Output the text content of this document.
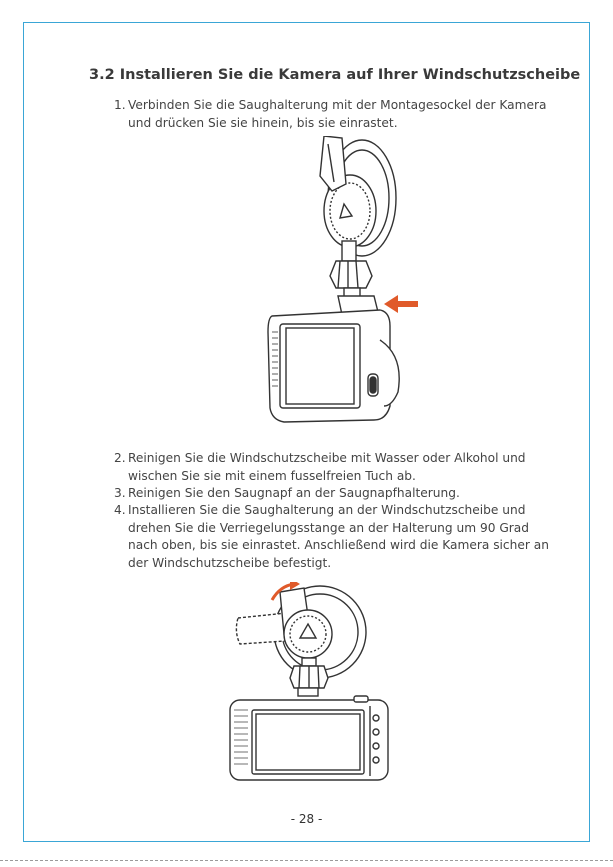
3.2 Installieren Sie die Kamera auf Ihrer Windschutzscheibe
1. Verbinden Sie die Saughalterung mit der Montagesockel der Kamera und drücken Sie sie hinein, bis sie einrastet.
2. Reinigen Sie die Windschutzscheibe mit Wasser oder Alkohol und wischen Sie sie mit einem fusselfreien Tuch ab.
3. Reinigen Sie den Saugnapf an der Saugnapfhalterung.
4. Installieren Sie die Saughalterung an der Windschutzscheibe und drehen Sie die Verriegelungsstange an der Halterung um 90 Grad nach oben, bis sie einrastet. Anschließend wird die Kamera sicher an der Windschutzscheibe befestigt.
- 28 -
